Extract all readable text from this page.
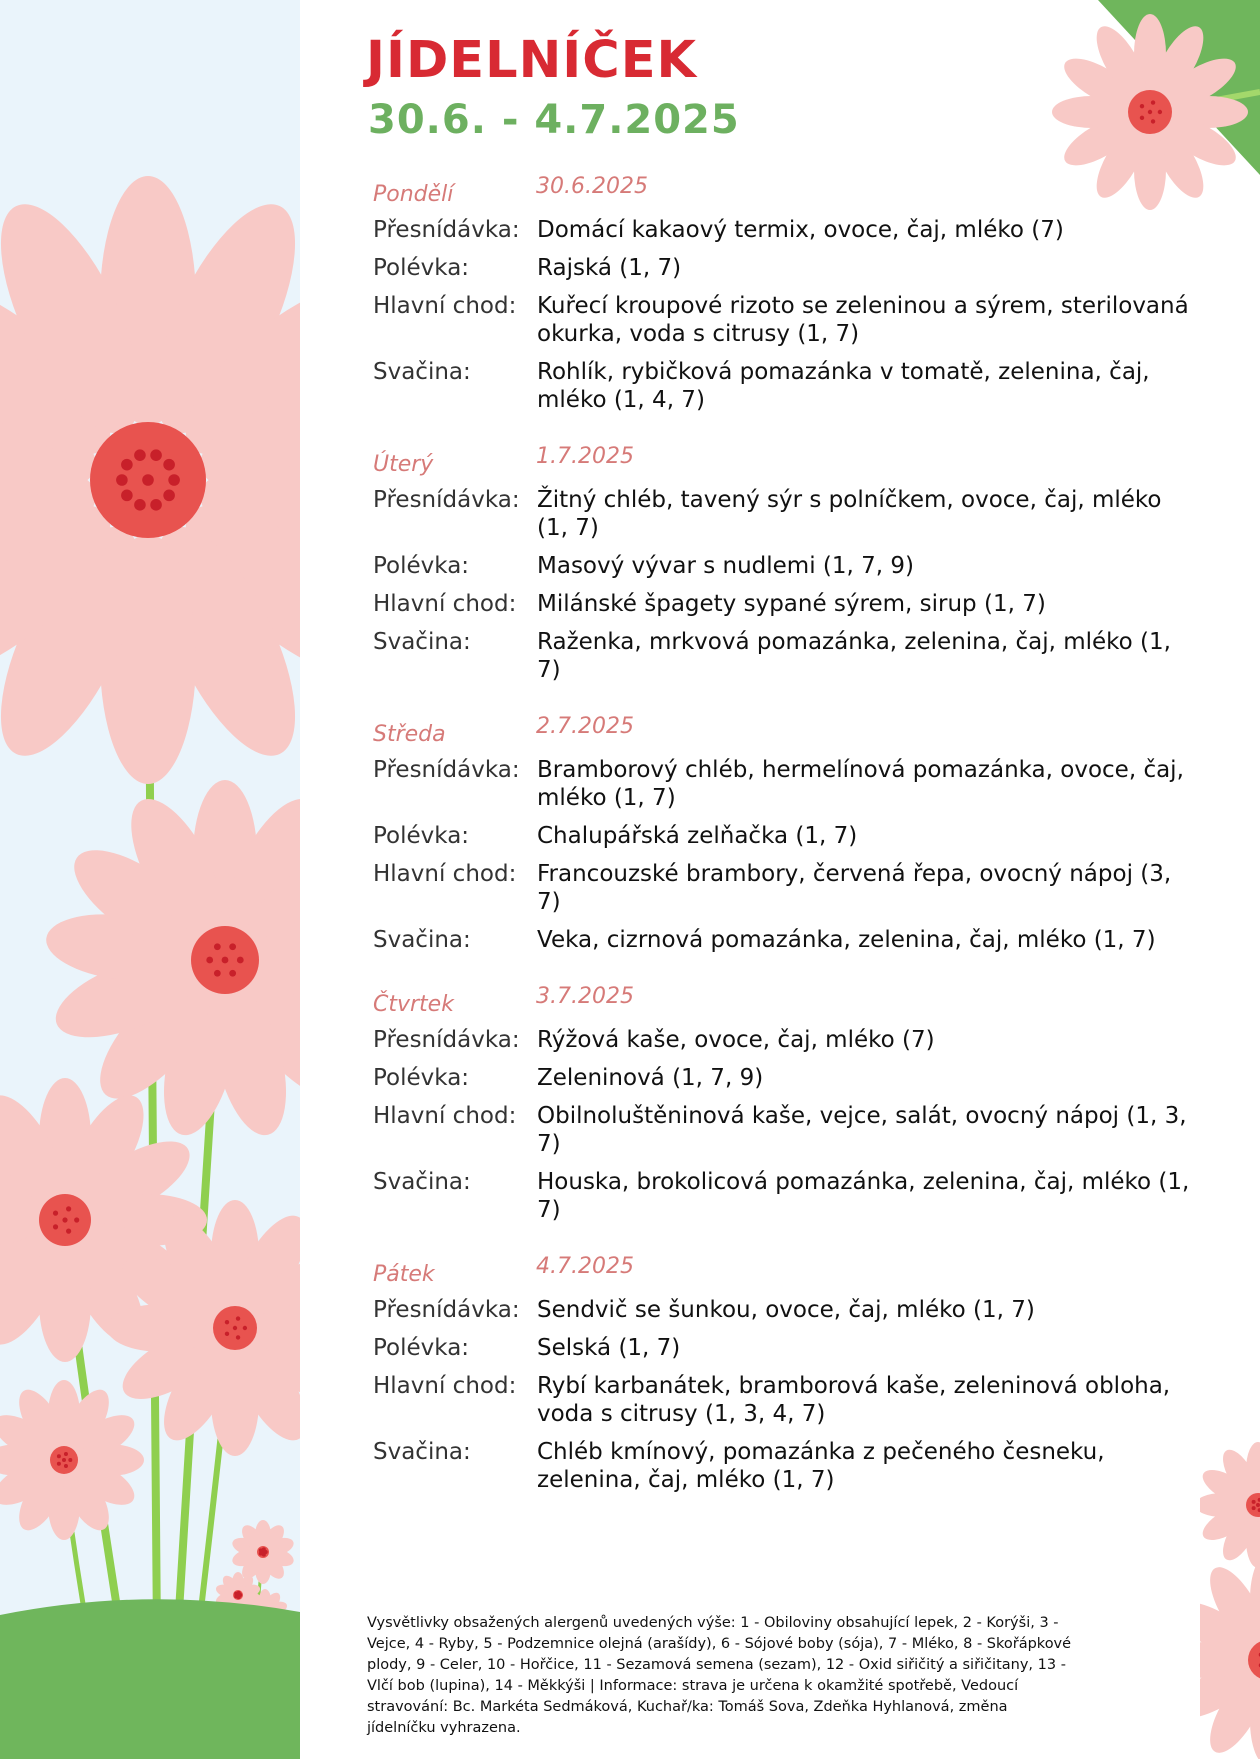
JÍDELNÍČEK
30.6. - 4.7.2025
Pondělí	30.6.2025
Přesnídávka: Domácí kakaový termix, ovoce, čaj, mléko (7)
Polévka:	Rajská (1, 7)
Hlavní chod: Kuřecí kroupové rizoto se zeleninou a sýrem, sterilovaná okurka, voda s citrusy (1, 7)
Svačina:	Rohlík, rybičková pomazánka v tomatě, zelenina, čaj, mléko (1, 4, 7)
Úterý	1.7.2025
Přesnídávka: Žitný chléb, tavený sýr s polníčkem, ovoce, čaj, mléko (1, 7)
Polévka:	Masový vývar s nudlemi (1, 7, 9)
Hlavní chod: Milánské špagety sypané sýrem, sirup (1, 7)
Svačina:	Raženka, mrkvová pomazánka, zelenina, čaj, mléko (1, 7)
Středa	2.7.2025
Přesnídávka: Bramborový chléb, hermelínová pomazánka, ovoce, čaj, mléko (1, 7)
Polévka:	Chalupářská zelňačka (1, 7)
Hlavní chod: Francouzské brambory, červená řepa, ovocný nápoj (3, 7)
Svačina:	Veka, cizrnová pomazánka, zelenina, čaj, mléko (1, 7)
Čtvrtek	3.7.2025
Přesnídávka: Rýžová kaše, ovoce, čaj, mléko (7)
Polévka:	Zeleninová (1, 7, 9)
Hlavní chod: Obilnoluštěninová kaše, vejce, salát, ovocný nápoj (1, 3, 7)
Svačina:	Houska, brokolicová pomazánka, zelenina, čaj, mléko (1, 7)
Pátek	4.7.2025
Přesnídávka: Sendvič se šunkou, ovoce, čaj, mléko (1, 7)
Polévka:	Selská (1, 7)
Hlavní chod: Rybí karbanátek, bramborová kaše, zeleninová obloha, voda s citrusy (1, 3, 4, 7)
Svačina:	Chléb kmínový, pomazánka z pečeného česneku, zelenina, čaj, mléko (1, 7)

Vysvětlivky obsažených alergenů uvedených výše: 1 - Obiloviny obsahující lepek, 2 - Korýši, 3 - Vejce, 4 - Ryby, 5 - Podzemnice olejná (arašídy), 6 - Sójové boby (sója), 7 - Mléko, 8 - Skořápkové plody, 9 - Celer, 10 - Hořčice, 11 - Sezamová semena (sezam), 12 - Oxid siřičitý a siřičitany, 13 - Vlčí bob (lupina), 14 - Měkkýši | Informace: strava je určena k okamžité spotřebě, Vedoucí stravování: Bc. Markéta Sedmáková, Kuchař/ka: Tomáš Sova, Zdeňka Hyhlanová, změna jídelníčku vyhrazena.
